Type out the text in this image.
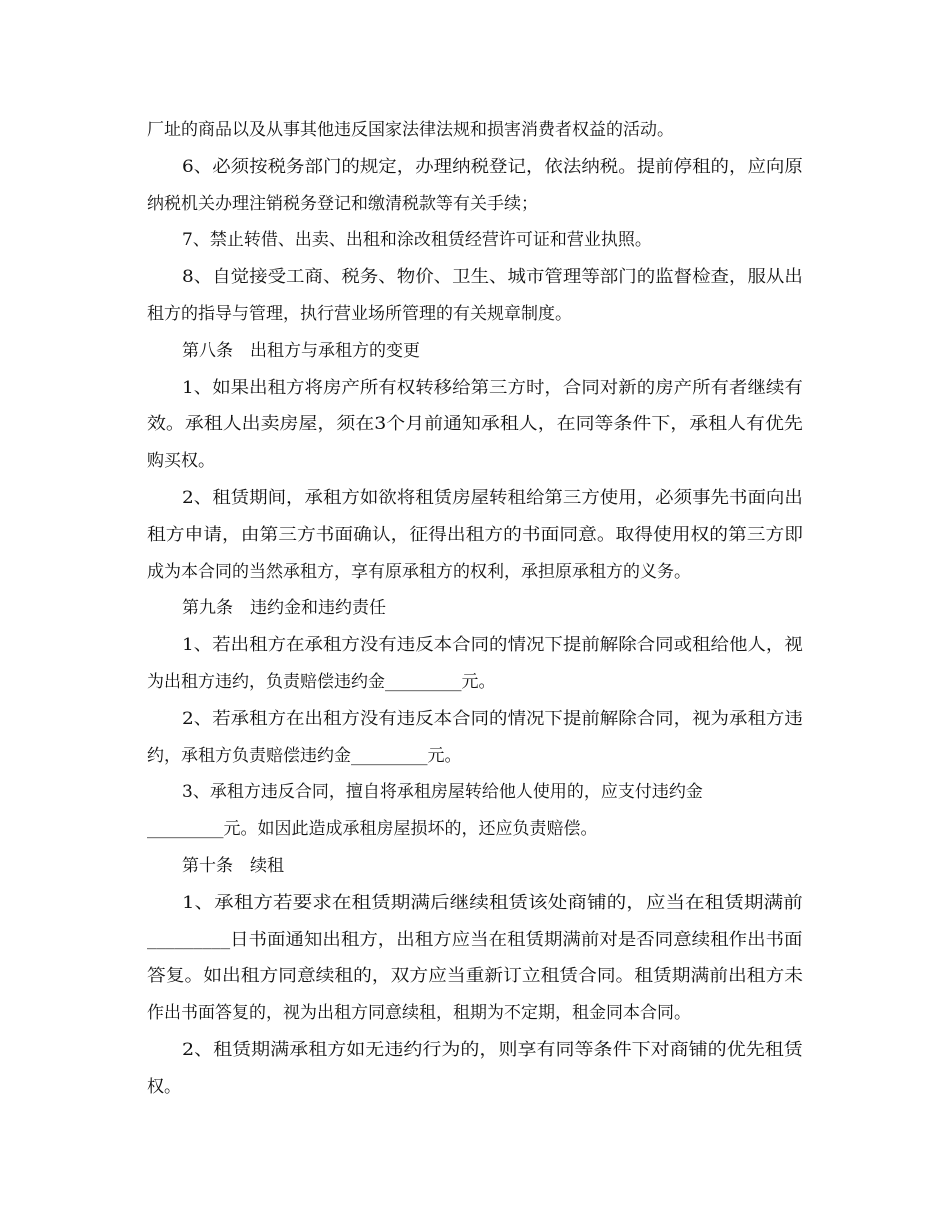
厂址的商品以及从事其他违反国家法律法规和损害消费者权益的活动。

6、必须按税务部门的规定，办理纳税登记，依法纳税。提前停租的，应向原

纳税机关办理注销税务登记和缴清税款等有关手续；

7、禁止转借、出卖、出租和涂改租赁经营许可证和营业执照。

8、自觉接受工商、税务、物价、卫生、城市管理等部门的监督检查，服从出

租方的指导与管理，执行营业场所管理的有关规章制度。

第八条　出租方与承租方的变更

1、如果出租方将房产所有权转移给第三方时，合同对新的房产所有者继续有

效。承租人出卖房屋，须在3个月前通知承租人，在同等条件下，承租人有优先

购买权。

2、租赁期间，承租方如欲将租赁房屋转租给第三方使用，必须事先书面向出

租方申请，由第三方书面确认，征得出租方的书面同意。取得使用权的第三方即

成为本合同的当然承租方，享有原承租方的权利，承担原承租方的义务。

第九条　违约金和违约责任

1、若出租方在承租方没有违反本合同的情况下提前解除合同或租给他人，视

为出租方违约，负责赔偿违约金_________元。

2、若承租方在出租方没有违反本合同的情况下提前解除合同，视为承租方违

约，承租方负责赔偿违约金_________元。

3、承租方违反合同，擅自将承租房屋转给他人使用的，应支付违约金

_________元。如因此造成承租房屋损坏的，还应负责赔偿。

第十条　续租

1、承租方若要求在租赁期满后继续租赁该处商铺的，应当在租赁期满前

_________日书面通知出租方，出租方应当在租赁期满前对是否同意续租作出书面

答复。如出租方同意续租的，双方应当重新订立租赁合同。租赁期满前出租方未

作出书面答复的，视为出租方同意续租，租期为不定期，租金同本合同。

2、租赁期满承租方如无违约行为的，则享有同等条件下对商铺的优先租赁

权。
